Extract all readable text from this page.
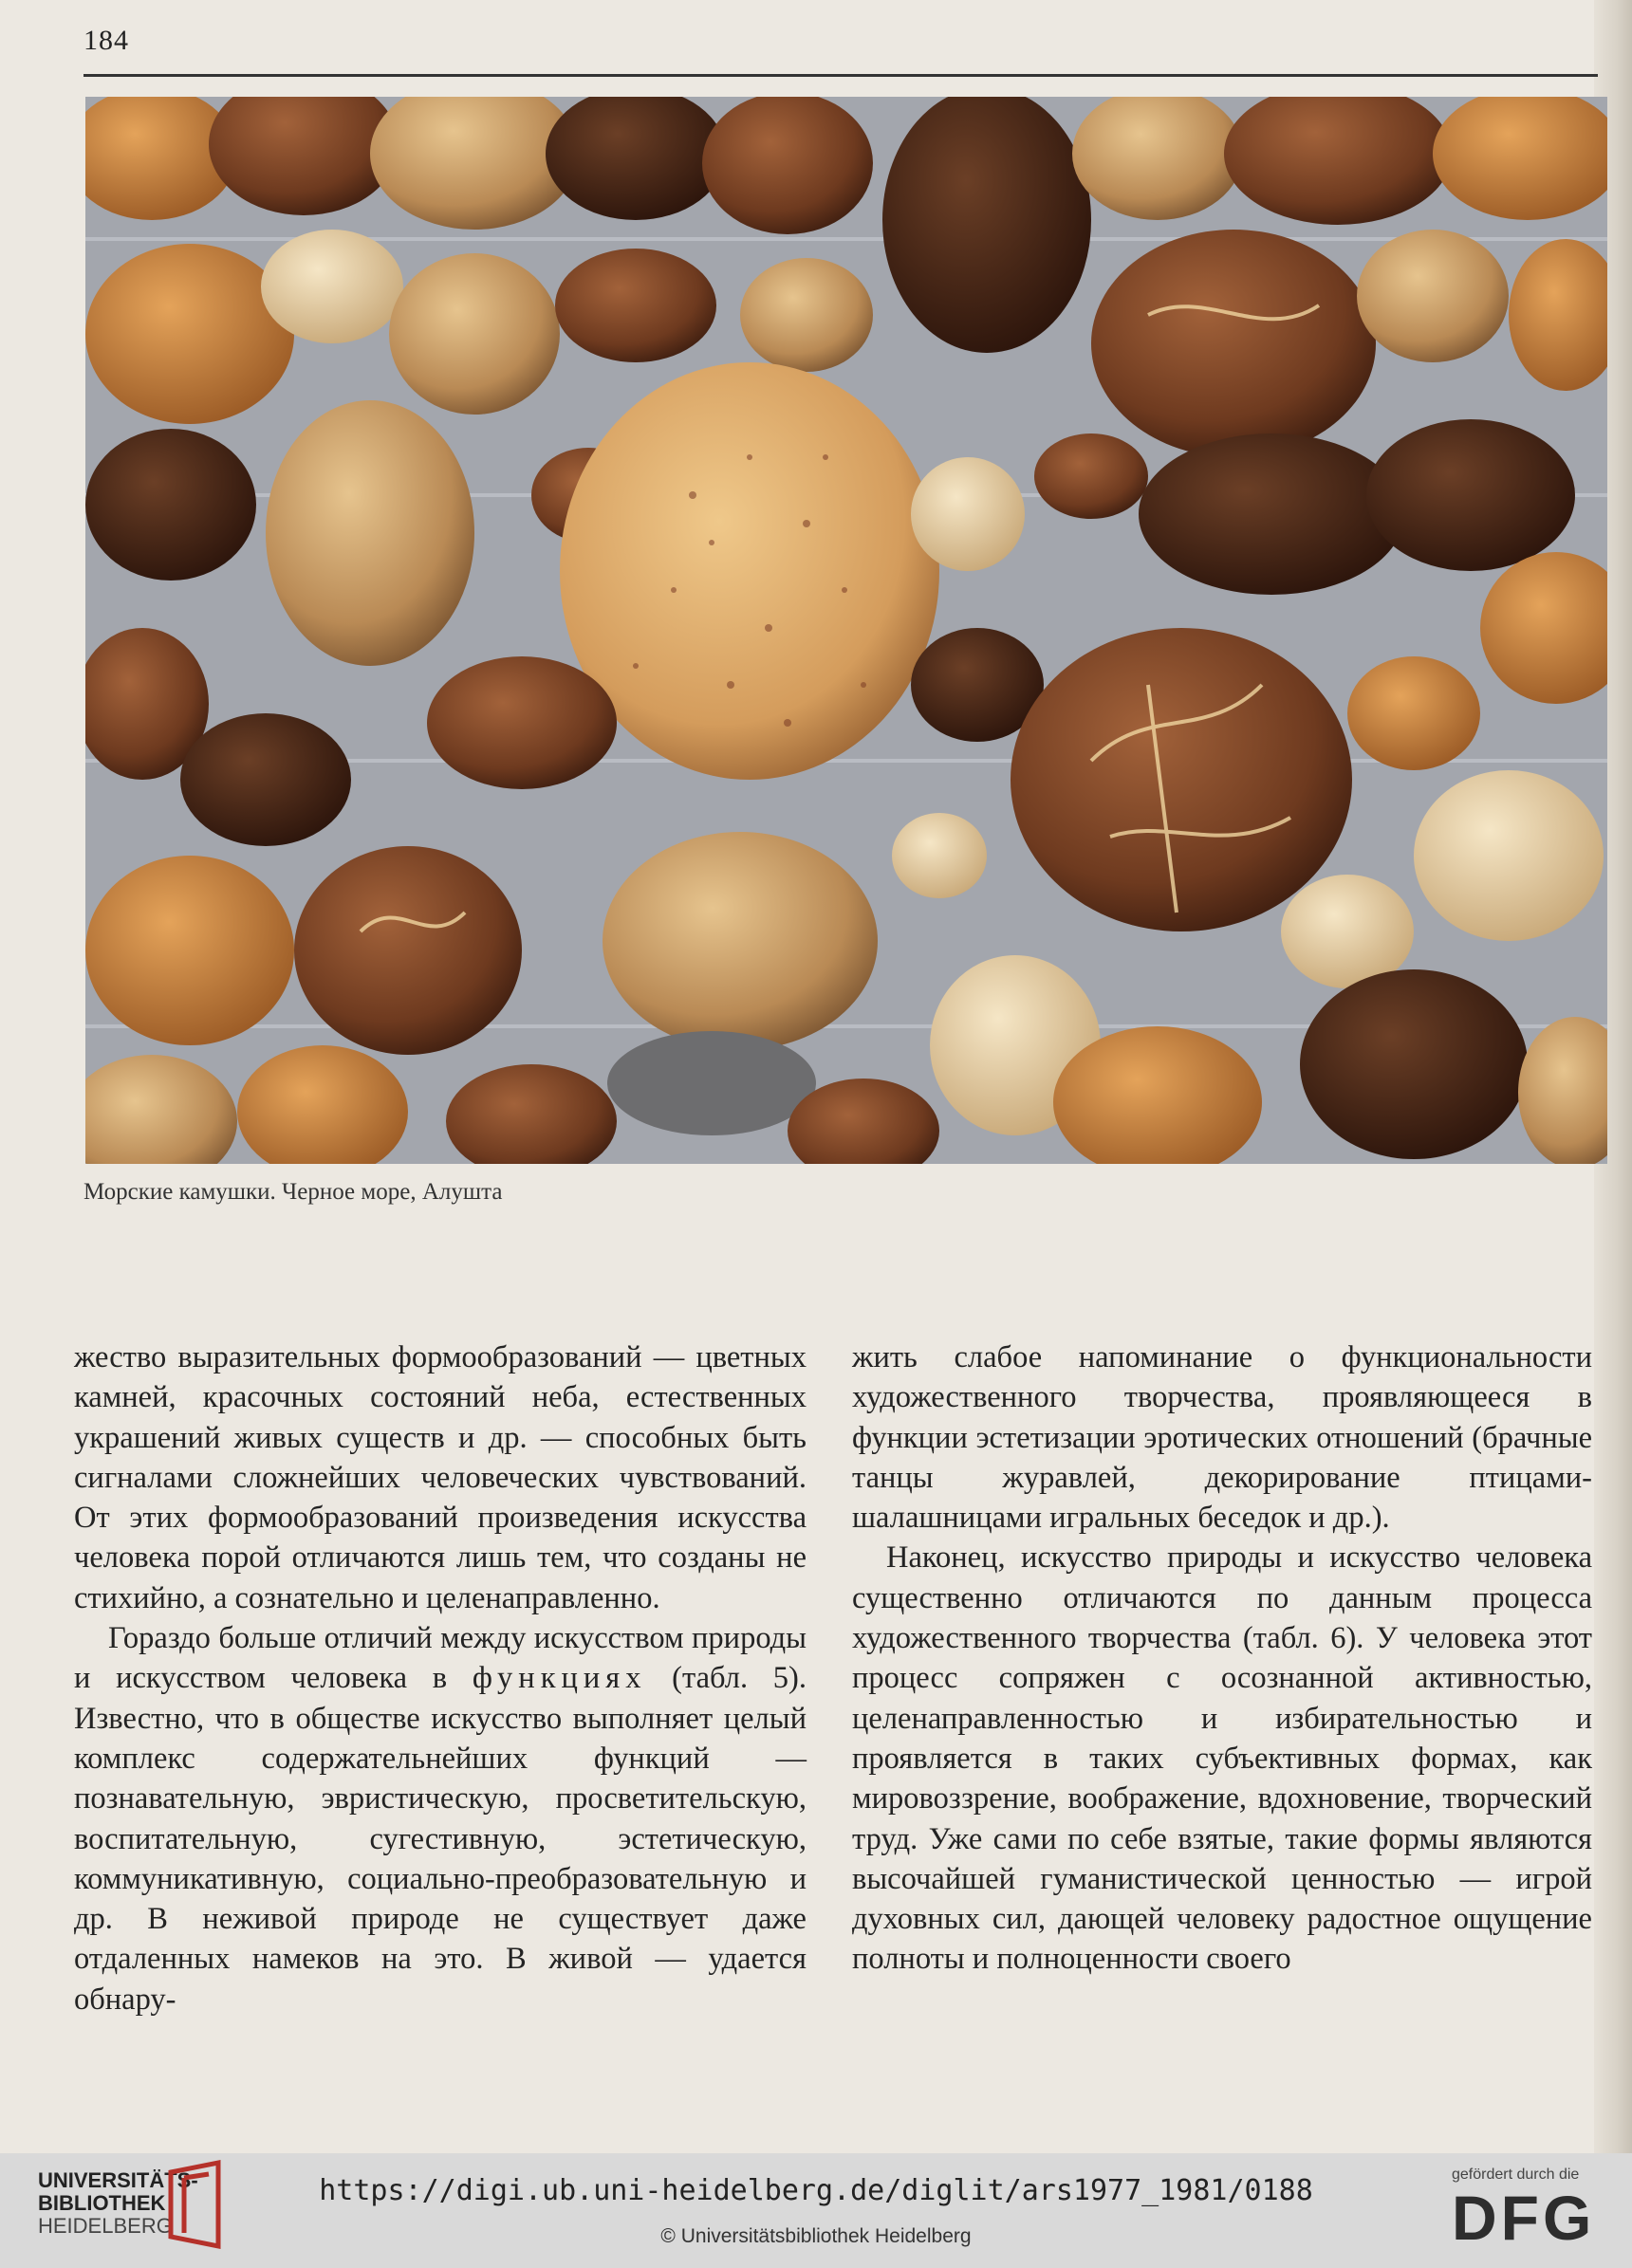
184
Морские камушки. Черное море, Алушта

жество выразительных формообразований — цветных камней, красочных состояний неба, естественных украшений живых существ и др. — способных быть сигналами сложнейших человеческих чувствований. От этих формообразований произведения искусства человека порой отличаются лишь тем, что созданы не стихийно, а сознательно и целенаправленно.

Гораздо больше отличий между искусством природы и искусством человека в функциях (табл. 5). Известно, что в обществе искусство выполняет целый комплекс содержательнейших функций — познавательную, эвристическую, просветительскую, воспитательную, сугестивную, эстетическую, коммуникативную, социально-преобразовательную и др. В неживой природе не существует даже отдаленных намеков на это. В живой — удается обнару-

жить слабое напоминание о функциональности художественного творчества, проявляющееся в функции эстетизации эротических отношений (брачные танцы журавлей, декорирование птицами-шалашницами игральных беседок и др.).

Наконец, искусство природы и искусство человека существенно отличаются по данным процесса художественного творчества (табл. 6). У человека этот процесс сопряжен с осознанной активностью, целенаправленностью и избирательностью и проявляется в таких субъективных формах, как мировоззрение, воображение, вдохновение, творческий труд. Уже сами по себе взятые, такие формы являются высочайшей гуманистической ценностью — игрой духовных сил, дающей человеку радостное ощущение полноты и полноценности своего

UNIVERSITÄTS-
BIBLIOTHEK
HEIDELBERG
https://digi.ub.uni-heidelberg.de/diglit/ars1977_1981/0188
© Universitätsbibliothek Heidelberg
gefördert durch die
DFG
